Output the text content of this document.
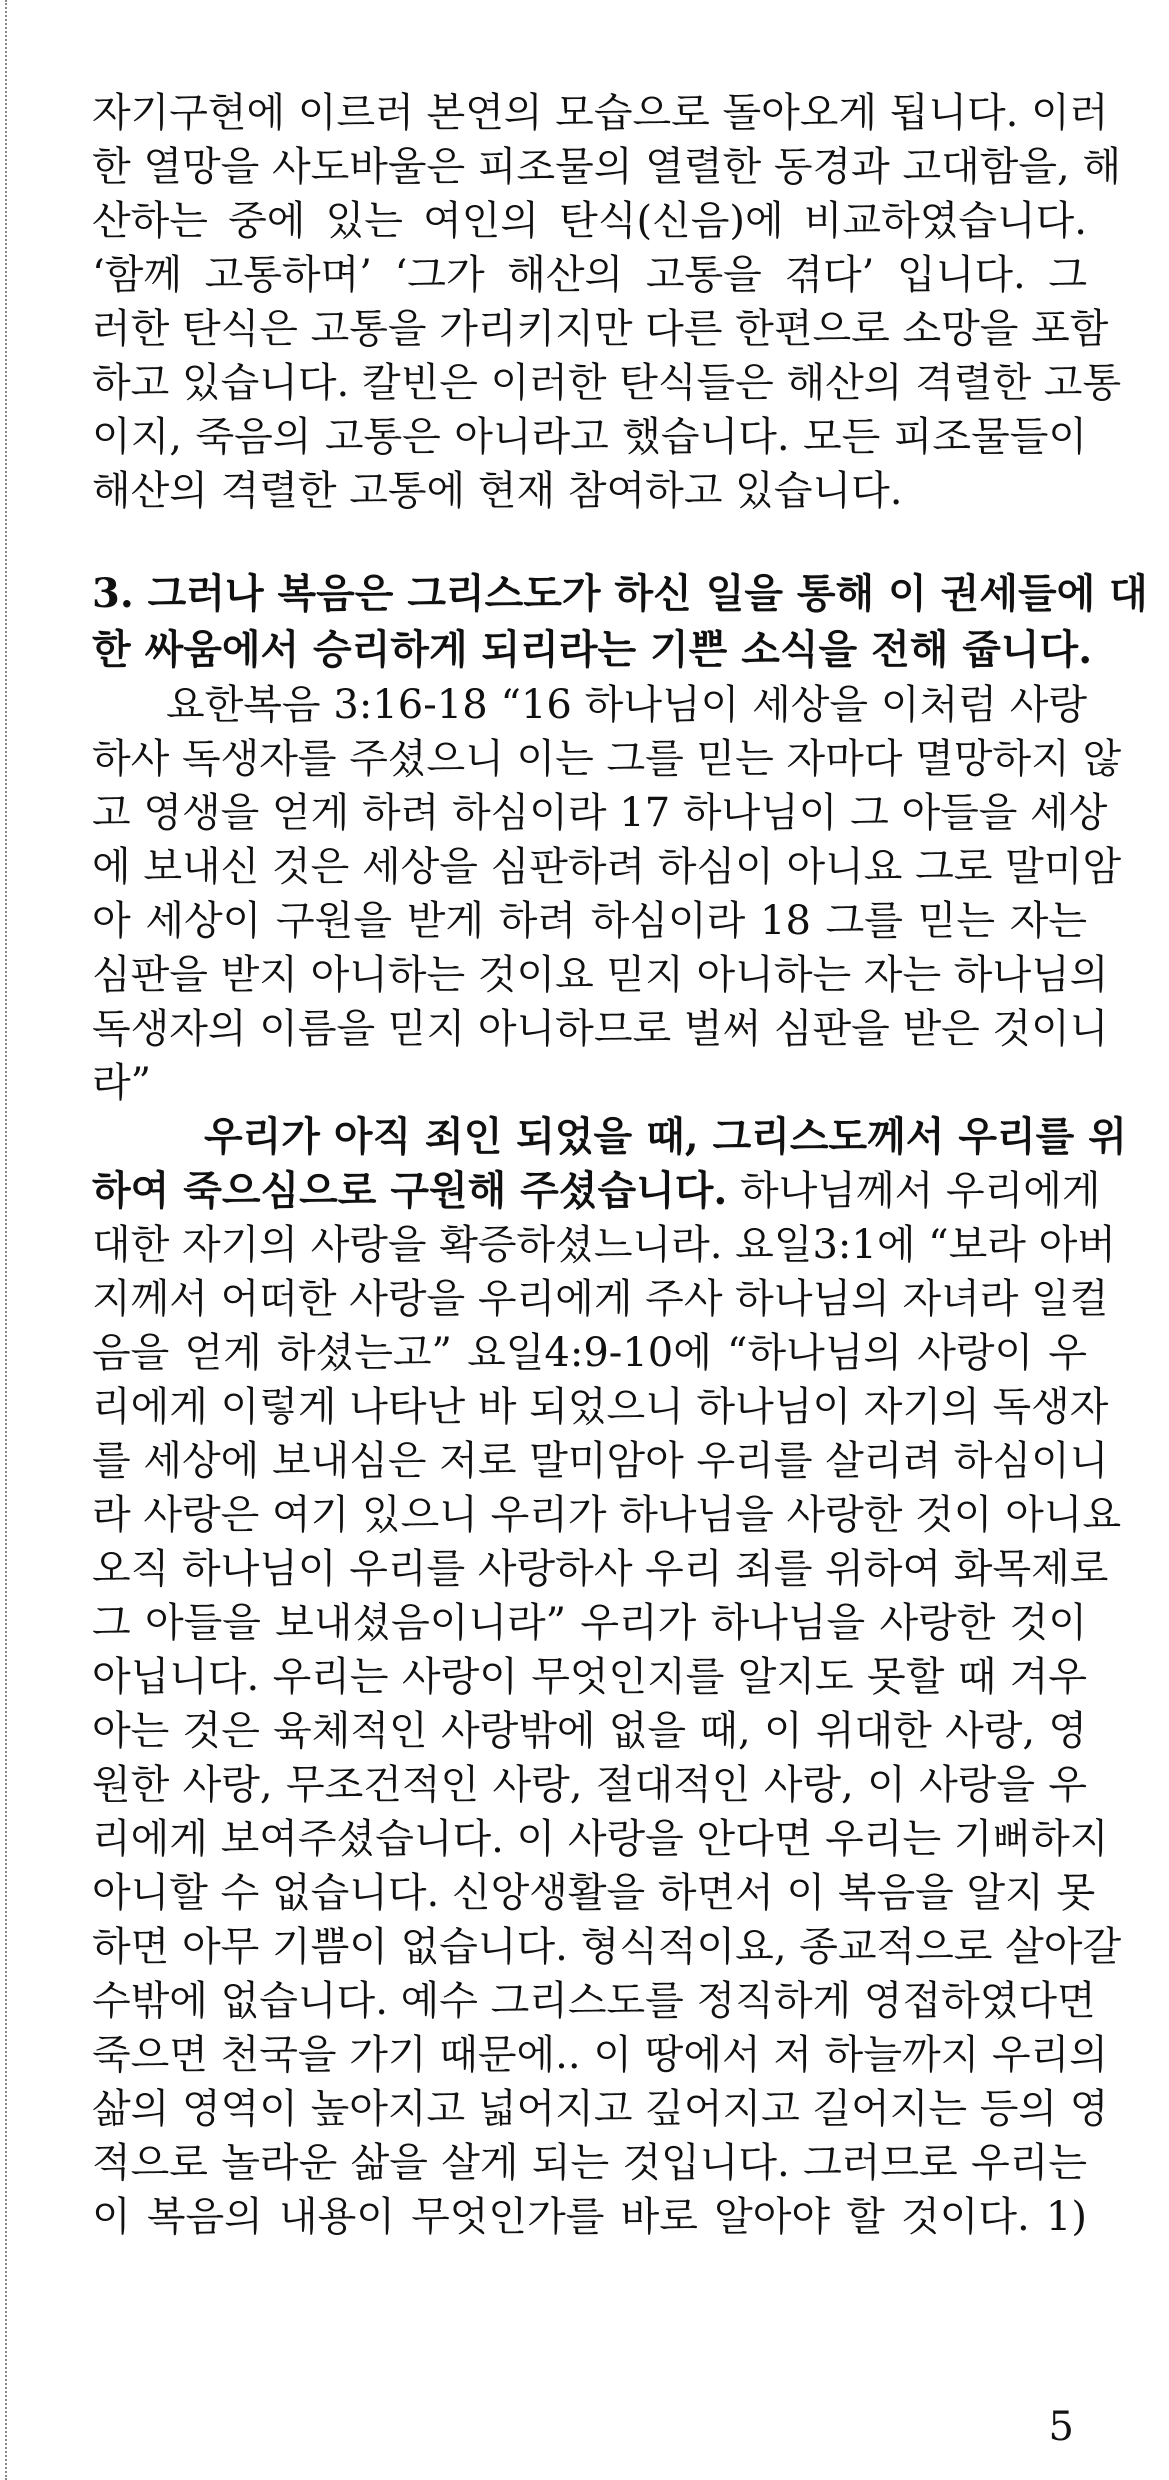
자기구현에 이르러 본연의 모습으로 돌아오게 됩니다. 이러
한 열망을 사도바울은 피조물의 열렬한 동경과 고대함을, 해
산하는 중에 있는 여인의 탄식(신음)에 비교하였습니다.
‘함께 고통하며’ ‘그가 해산의 고통을 겪다’ 입니다. 그
러한 탄식은 고통을 가리키지만 다른 한편으로 소망을 포함
하고 있습니다. 칼빈은 이러한 탄식들은 해산의 격렬한 고통
이지, 죽음의 고통은 아니라고 했습니다. 모든 피조물들이
해산의 격렬한 고통에 현재 참여하고 있습니다.
3. 그러나 복음은 그리스도가 하신 일을 통해 이 권세들에 대
한 싸움에서 승리하게 되리라는 기쁜 소식을 전해 줍니다.
요한복음 3:16-18 “16 하나님이 세상을 이처럼 사랑
하사 독생자를 주셨으니 이는 그를 믿는 자마다 멸망하지 않
고 영생을 얻게 하려 하심이라 17 하나님이 그 아들을 세상
에 보내신 것은 세상을 심판하려 하심이 아니요 그로 말미암
아 세상이 구원을 받게 하려 하심이라 18 그를 믿는 자는
심판을 받지 아니하는 것이요 믿지 아니하는 자는 하나님의
독생자의 이름을 믿지 아니하므로 벌써 심판을 받은 것이니
라”
우리가 아직 죄인 되었을 때, 그리스도께서 우리를 위
하여 죽으심으로 구원해 주셨습니다. 하나님께서 우리에게
대한 자기의 사랑을 확증하셨느니라. 요일3:1에 “보라 아버
지께서 어떠한 사랑을 우리에게 주사 하나님의 자녀라 일컬
음을 얻게 하셨는고” 요일4:9-10에 “하나님의 사랑이 우
리에게 이렇게 나타난 바 되었으니 하나님이 자기의 독생자
를 세상에 보내심은 저로 말미암아 우리를 살리려 하심이니
라 사랑은 여기 있으니 우리가 하나님을 사랑한 것이 아니요
오직 하나님이 우리를 사랑하사 우리 죄를 위하여 화목제로
그 아들을 보내셨음이니라” 우리가 하나님을 사랑한 것이
아닙니다. 우리는 사랑이 무엇인지를 알지도 못할 때 겨우
아는 것은 육체적인 사랑밖에 없을 때, 이 위대한 사랑, 영
원한 사랑, 무조건적인 사랑, 절대적인 사랑, 이 사랑을 우
리에게 보여주셨습니다. 이 사랑을 안다면 우리는 기뻐하지
아니할 수 없습니다. 신앙생활을 하면서 이 복음을 알지 못
하면 아무 기쁨이 없습니다. 형식적이요, 종교적으로 살아갈
수밖에 없습니다. 예수 그리스도를 정직하게 영접하였다면
죽으면 천국을 가기 때문에.. 이 땅에서 저 하늘까지 우리의
삶의 영역이 높아지고 넓어지고 깊어지고 길어지는 등의 영
적으로 놀라운 삶을 살게 되는 것입니다. 그러므로 우리는
이 복음의 내용이 무엇인가를 바로 알아야 할 것이다. 1)
5
